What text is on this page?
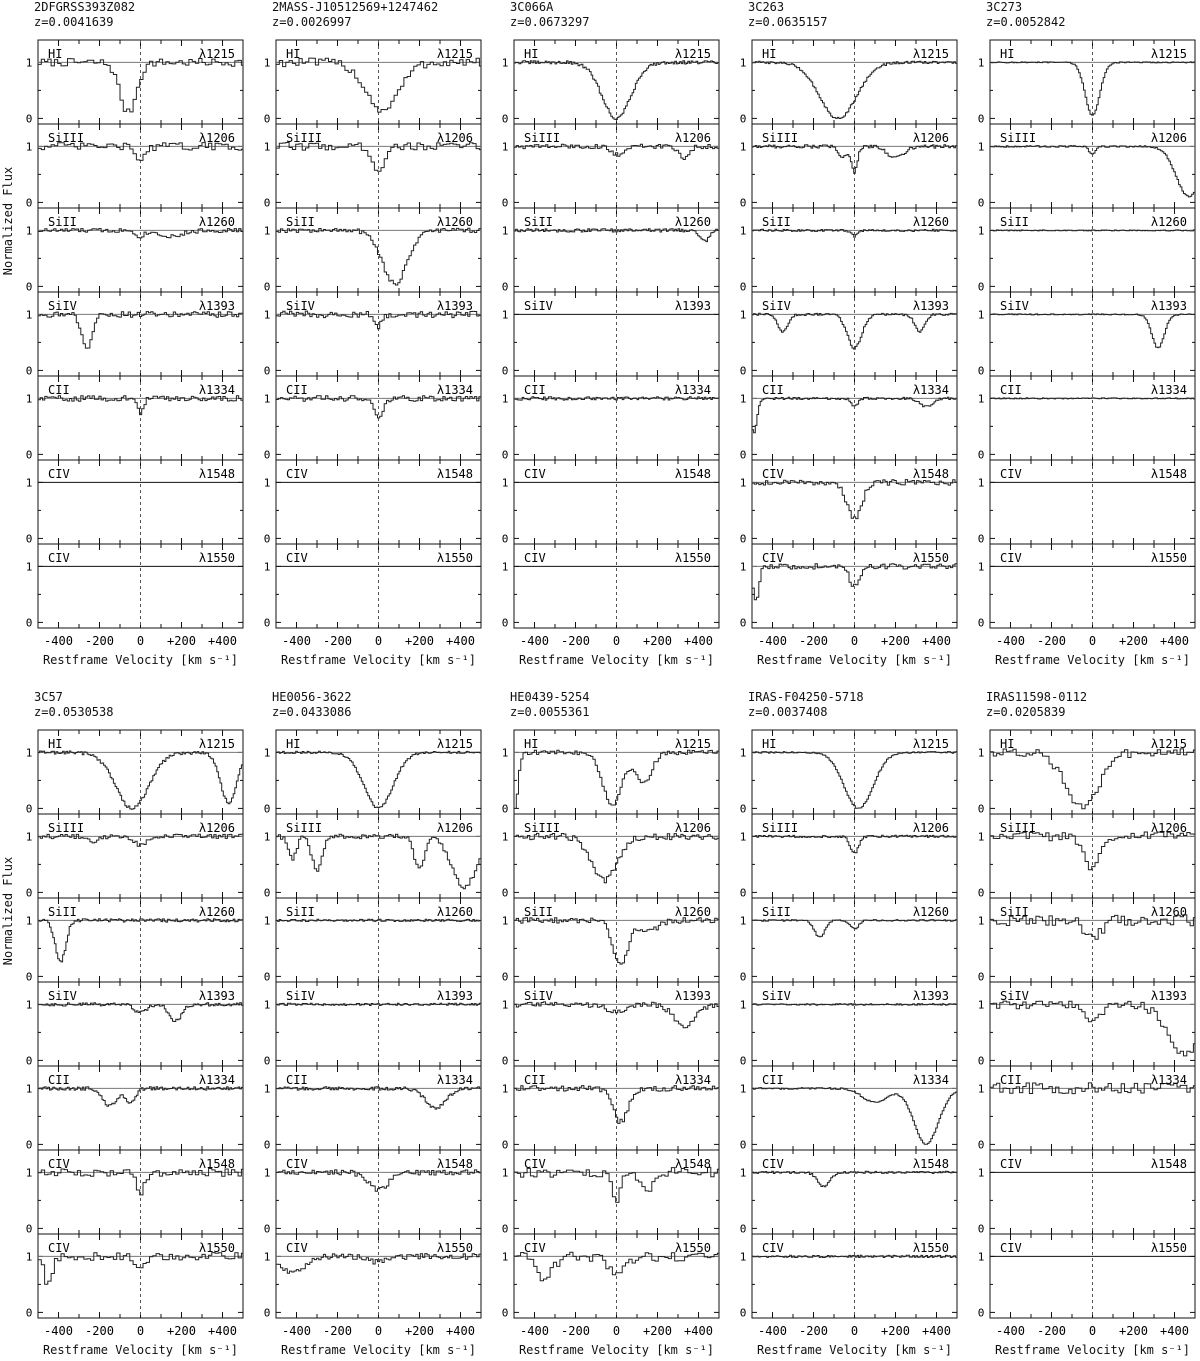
Normalized Flux
Normalized Flux
0
1
HI	λ1215
0
1
SiIII	λ1206
0
1
SiII	λ1260
0
1
SiIV	λ1393
0
1
CII	λ1334
0
1
CIV	λ1548
0
1
CIV	λ1550
-400 -200 0 +200 +400
0
1
HI	λ1215
0
1
SiIII	λ1206
0
1
SiII	λ1260
0
1
SiIV	λ1393
0
1
CII	λ1334
0
1
CIV	λ1548
0
1
CIV	λ1550
-400 -200 0 +200 +400
0
1
HI	λ1215
0
1
SiIII	λ1206
0
1
SiII	λ1260
0
1
SiIV	λ1393
0
1
CII	λ1334
0
1
CIV	λ1548
0
1
CIV	λ1550
-400 -200 0 +200 +400
0
1
HI	λ1215
0
1
SiIII	λ1206
0
1
SiII	λ1260
0
1
SiIV	λ1393
0
1
CII	λ1334
0
1
CIV	λ1548
0
1
CIV	λ1550
-400 -200 0 +200 +400
0
1
HI	λ1215
0
1
SiIII	λ1206
0
1
SiII	λ1260
0
1
SiIV	λ1393
0
1
CII	λ1334
0
1
CIV	λ1548
0
1
CIV	λ1550
-400 -200 0 +200 +400
0
1
HI	λ1215
0
1
SiIII	λ1206
0
1
SiII	λ1260
0
1
SiIV	λ1393
0
1
CII	λ1334
0
1
CIV	λ1548
0
1
CIV	λ1550
-400 -200 0 +200 +400
0
1
HI	λ1215
0
1
SiIII	λ1206
0
1
SiII	λ1260
0
1
SiIV	λ1393
0
1
CII	λ1334
0
1
CIV	λ1548
0
1
CIV	λ1550
-400 -200 0 +200 +400
0
1
HI	λ1215
0
1
SiIII	λ1206
0
1
SiII	λ1260
0
1
SiIV	λ1393
0
1
CII	λ1334
0
1
CIV	λ1548
0
1
CIV	λ1550
-400 -200 0 +200 +400
0
1
HI	λ1215
0
1
SiIII	λ1206
0
1
SiII	λ1260
0
1
SiIV	λ1393
0
1
CII	λ1334
0
1
CIV	λ1548
0
1
CIV	λ1550
-400 -200 0 +200 +400
0
1
HI	λ1215
0
1
SiIII	λ1206
0
1
SiII	λ1260
0
1
SiIV	λ1393
0
1
CII	λ1334
0
1
CIV	λ1548
0
1
CIV	λ1550
-400 -200 0 +200 +400
2DFGRSS393Z082
z=0.0041639
Restframe Velocity [km s⁻¹]
2MASS-J10512569+1247462
z=0.0026997
Restframe Velocity [km s⁻¹]
3C066A
z=0.0673297
Restframe Velocity [km s⁻¹]
3C263
z=0.0635157
Restframe Velocity [km s⁻¹]
3C273
z=0.0052842
Restframe Velocity [km s⁻¹]
3C57
z=0.0530538
Restframe Velocity [km s⁻¹]
HE0056-3622
z=0.0433086
Restframe Velocity [km s⁻¹]
HE0439-5254
z=0.0055361
Restframe Velocity [km s⁻¹]
IRAS-F04250-5718
z=0.0037408
Restframe Velocity [km s⁻¹]
IRAS11598-0112
z=0.0205839
Restframe Velocity [km s⁻¹]
